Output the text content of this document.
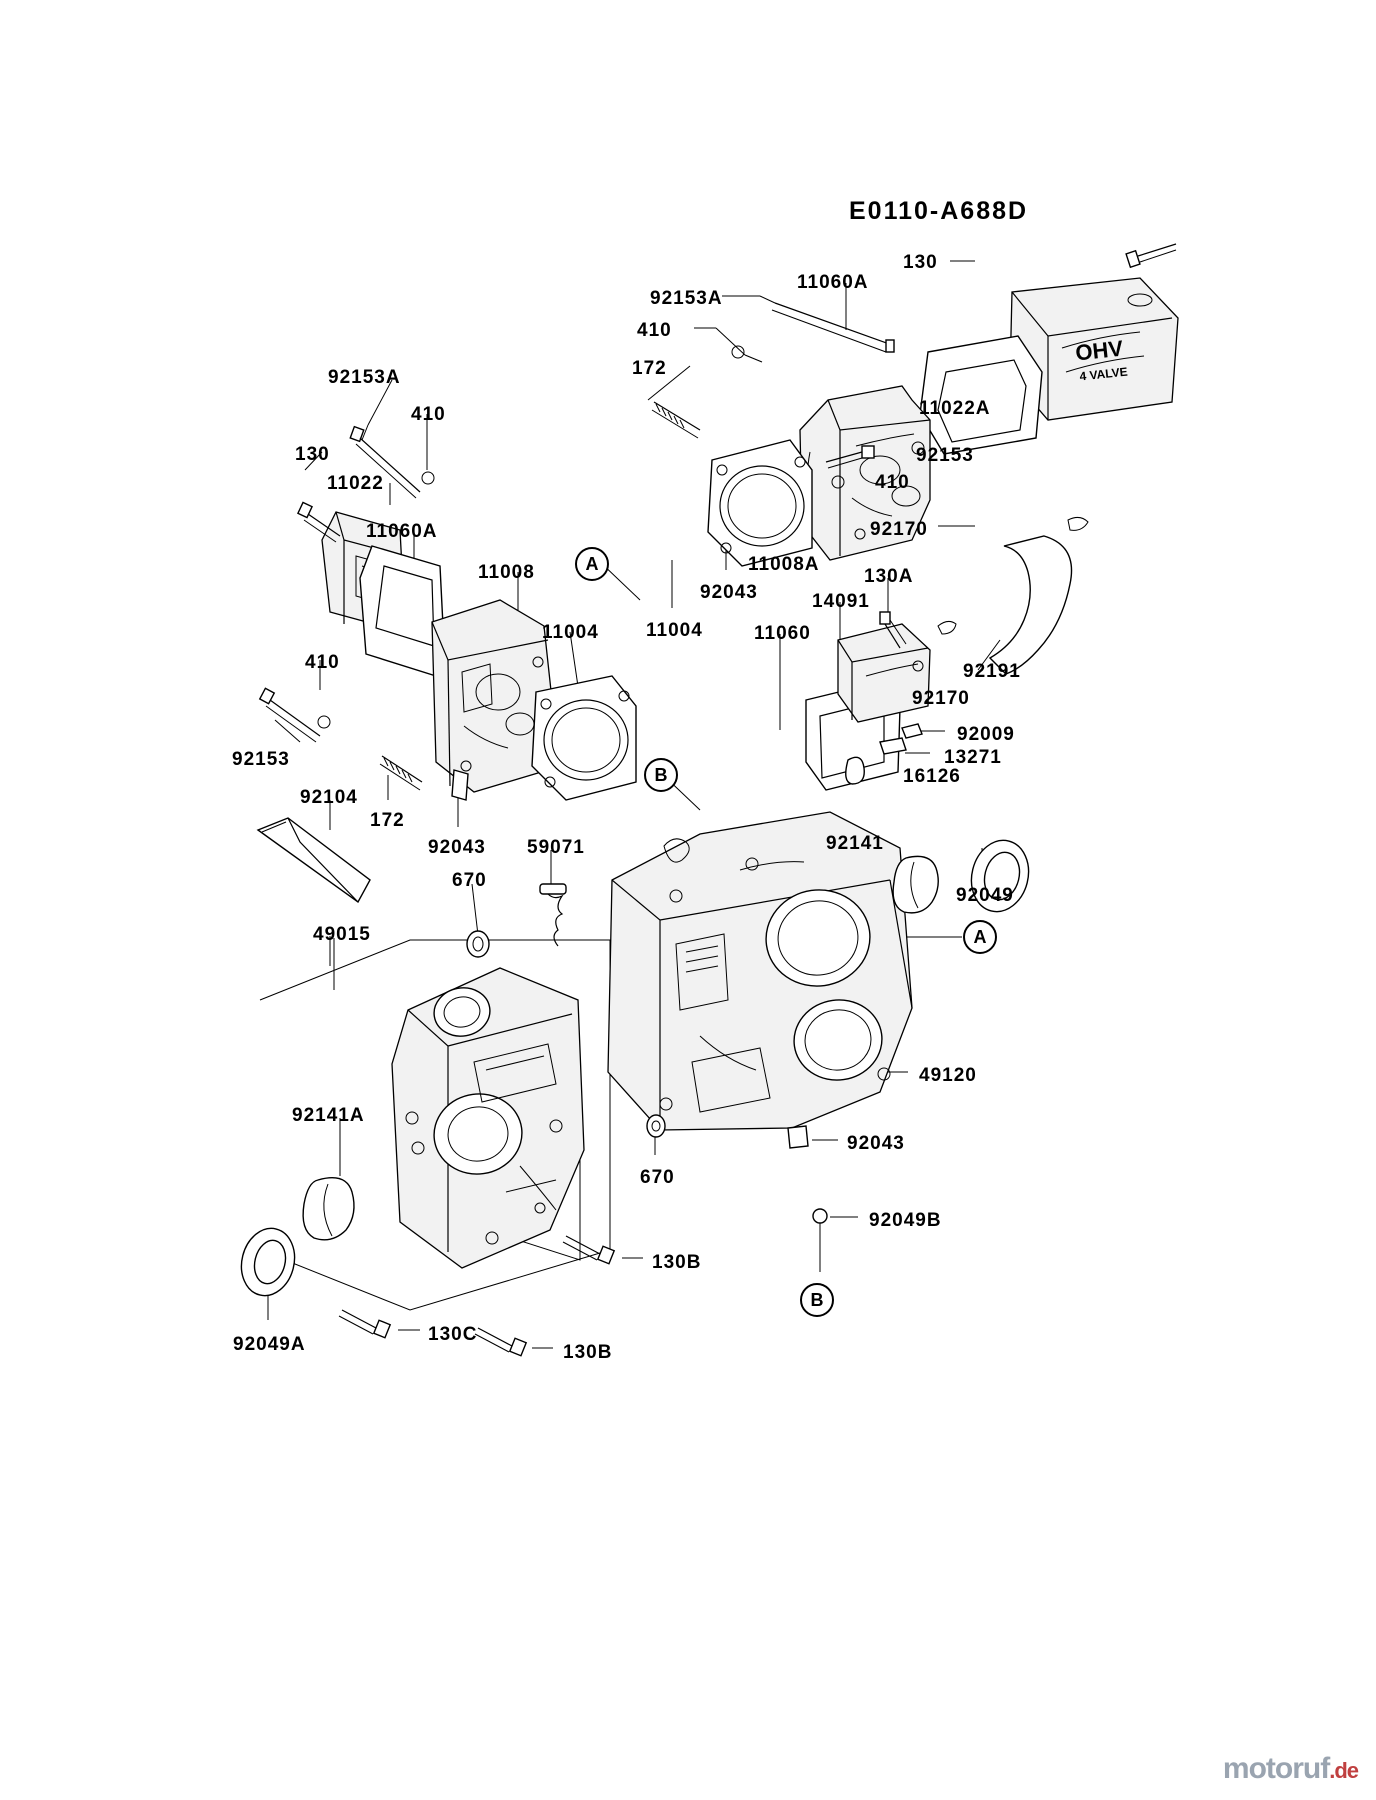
OHV
4 VALVE
E0110-A688D
A
B
A
B
92153A
11060A
130
410
172
11022A
92153A
410
130
11022
92153
410
11060A	92170
11008	11008A
130A
92043	14091
11004 11004	11060
92191
410
92170
92153
92009
13271
16126
92104
172
92043 59071	92141
92049
670
49015
49120
92141A
670
92043
130B
92049B
92049A	130C
130B
motoruf.de
